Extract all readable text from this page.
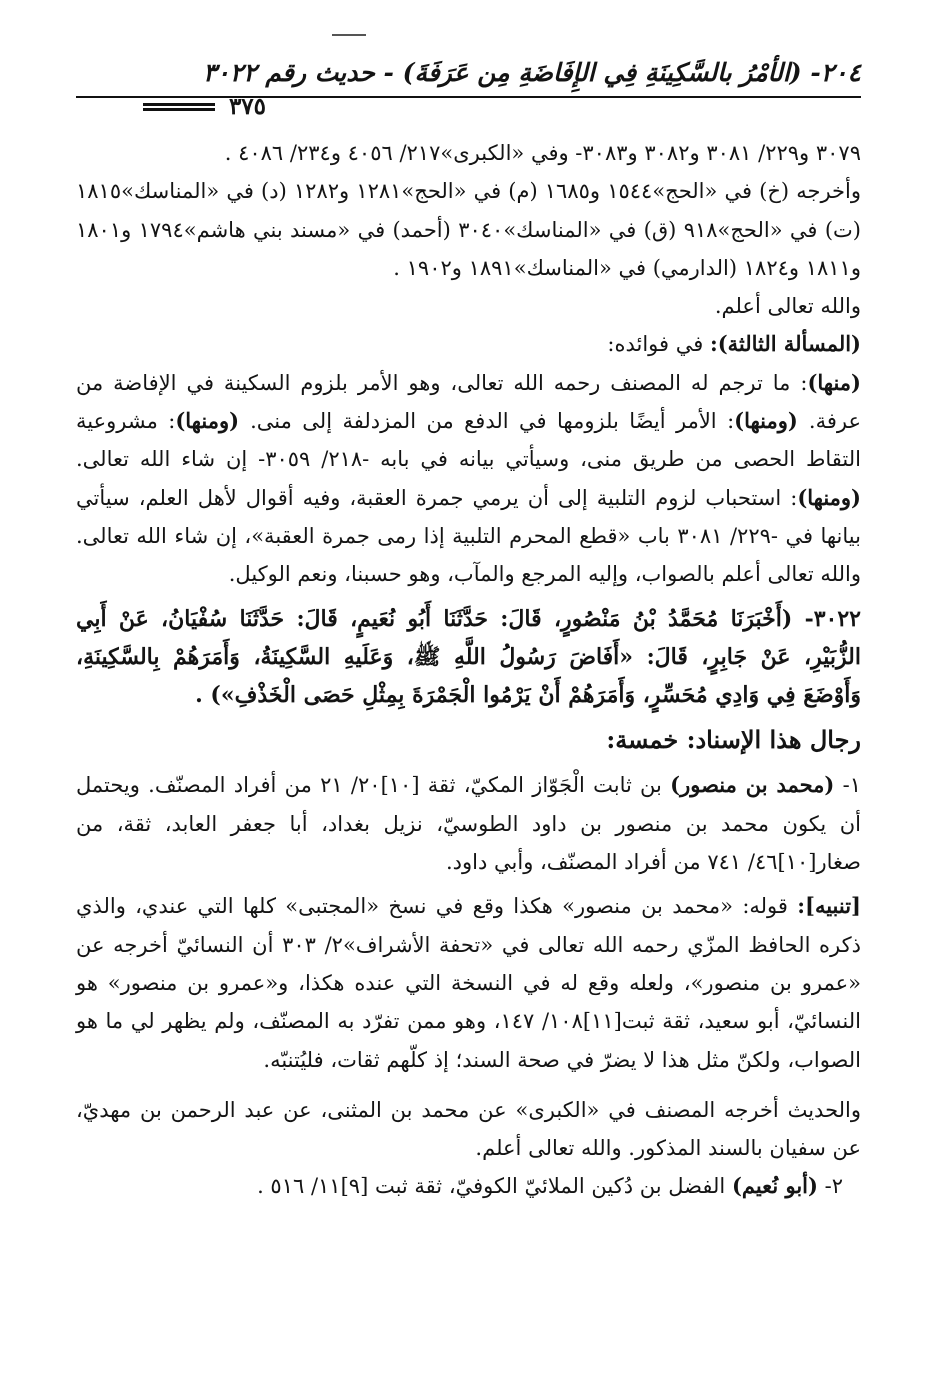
٢٠٤- (الأمْرُ بالسَّكِينَةِ فِي الإِفَاضَةِ مِن عَرَفَةَ) - حديث رقم ٣٠٢٢
٣٧٥

٣٠٧٩ و٢٢٩/ ٣٠٨١ و٣٠٨٢ و٣٠٨٣- وفي «الكبرى»٢١٧/ ٤٠٥٦ و٢٣٤/ ٤٠٨٦ .

وأخرجه (خ) في «الحج»١٥٤٤ و١٦٨٥ (م) في «الحج»١٢٨١ و١٢٨٢ (د) في «المناسك»١٨١٥ (ت) في «الحج»٩١٨ (ق) في «المناسك»٣٠٤٠ (أحمد) في «مسند بني هاشم»١٧٩٤ و١٨٠١ و١٨١١ و١٨٢٤ (الدارمي) في «المناسك»١٨٩١ و١٩٠٢ .

والله تعالى أعلم.

(المسألة الثالثة): في فوائده:

(منها): ما ترجم له المصنف رحمه الله تعالى، وهو الأمر بلزوم السكينة في الإفاضة من عرفة. (ومنها): الأمر أيضًا بلزومها في الدفع من المزدلفة إلى منى. (ومنها): مشروعية التقاط الحصى من طريق منى، وسيأتي بيانه في بابه -٢١٨/ ٣٠٥٩- إن شاء الله تعالى. (ومنها): استحباب لزوم التلبية إلى أن يرمي جمرة العقبة، وفيه أقوال لأهل العلم، سيأتي بيانها في -٢٢٩/ ٣٠٨١ باب «قطع المحرم التلبية إذا رمى جمرة العقبة»، إن شاء الله تعالى. والله تعالى أعلم بالصواب، وإليه المرجع والمآب، وهو حسبنا، ونعم الوكيل.

٣٠٢٢- (أَخْبَرَنَا مُحَمَّدُ بْنُ مَنْصُورٍ، قَالَ: حَدَّثَنَا أَبُو نُعَيمٍ، قَالَ: حَدَّثَنَا سُفْيَانُ، عَنْ أَبِي الزُّبَيْرِ، عَنْ جَابِرٍ، قَالَ: «أَفَاضَ رَسُولُ اللَّهِ ﷺ، وَعَلَيهِ السَّكِينَةُ، وَأَمَرَهُمْ بِالسَّكِينَةِ، وَأَوْضَعَ فِي وَادِي مُحَسِّرٍ، وَأَمَرَهُمْ أَنْ يَرْمُوا الْجَمْرَةَ بِمِثْلِ حَصَى الْخَذْفِ») .

رجال هذا الإسناد: خمسة:

١- (محمد بن منصور) بن ثابت الْجَوّاز المكيّ، ثقة [١٠]٢٠/ ٢١ من أفراد المصنّف. ويحتمل أن يكون محمد بن منصور بن داود الطوسيّ، نزيل بغداد، أبا جعفر العابد، ثقة، من صغار[١٠]٤٦/ ٧٤١ من أفراد المصنّف، وأبي داود.

[تنبيه]: قوله: «محمد بن منصور» هكذا وقع في نسخ «المجتبى» كلها التي عندي، والذي ذكره الحافظ المزّي رحمه الله تعالى في «تحفة الأشراف»٢/ ٣٠٣ أن النسائيّ أخرجه عن «عمرو بن منصور»، ولعله وقع له في النسخة التي عنده هكذا، و«عمرو بن منصور» هو النسائيّ، أبو سعيد، ثقة ثبت[١١]١٠٨/ ١٤٧، وهو ممن تفرّد به المصنّف، ولم يظهر لي ما هو الصواب، ولكنّ مثل هذا لا يضرّ في صحة السند؛ إذ كلّهم ثقات، فليُتنبّه.

والحديث أخرجه المصنف في «الكبرى» عن محمد بن المثنى، عن عبد الرحمن بن مهديّ، عن سفيان بالسند المذكور. والله تعالى أعلم.

٢- (أبو نُعيم) الفضل بن دُكين الملائيّ الكوفيّ، ثقة ثبت [٩]١١/ ٥١٦ .
